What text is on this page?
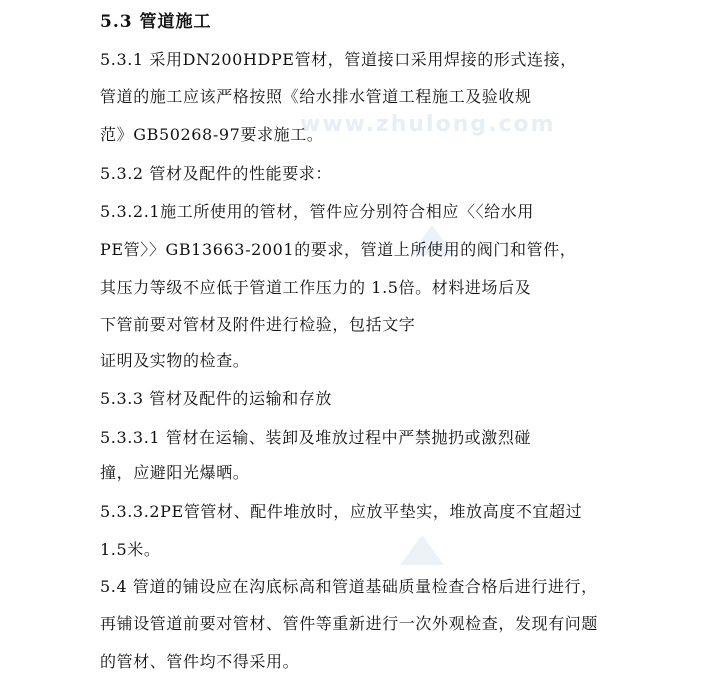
www.zhulong.com

5.3 管道施工

5.3.1 采用DN200HDPE管材，管道接口采用焊接的形式连接，

管道的施工应该严格按照《给水排水管道工程施工及验收规

范》GB50268-97要求施工。

5.3.2 管材及配件的性能要求：

5.3.2.1施工所使用的管材，管件应分别符合相应〈〈给水用

PE管〉〉GB13663-2001的要求，管道上所使用的阀门和管件，

其压力等级不应低于管道工作压力的 1.5倍。材料进场后及

下管前要对管材及附件进行检验，包括文字

证明及实物的检查。

5.3.3 管材及配件的运输和存放

5.3.3.1 管材在运输、装卸及堆放过程中严禁抛扔或激烈碰

撞，应避阳光爆晒。

5.3.3.2PE管管材、配件堆放时，应放平垫实，堆放高度不宜超过

1.5米。

5.4 管道的铺设应在沟底标高和管道基础质量检查合格后进行进行，

再铺设管道前要对管材、管件等重新进行一次外观检查，发现有问题

的管材、管件均不得采用。
